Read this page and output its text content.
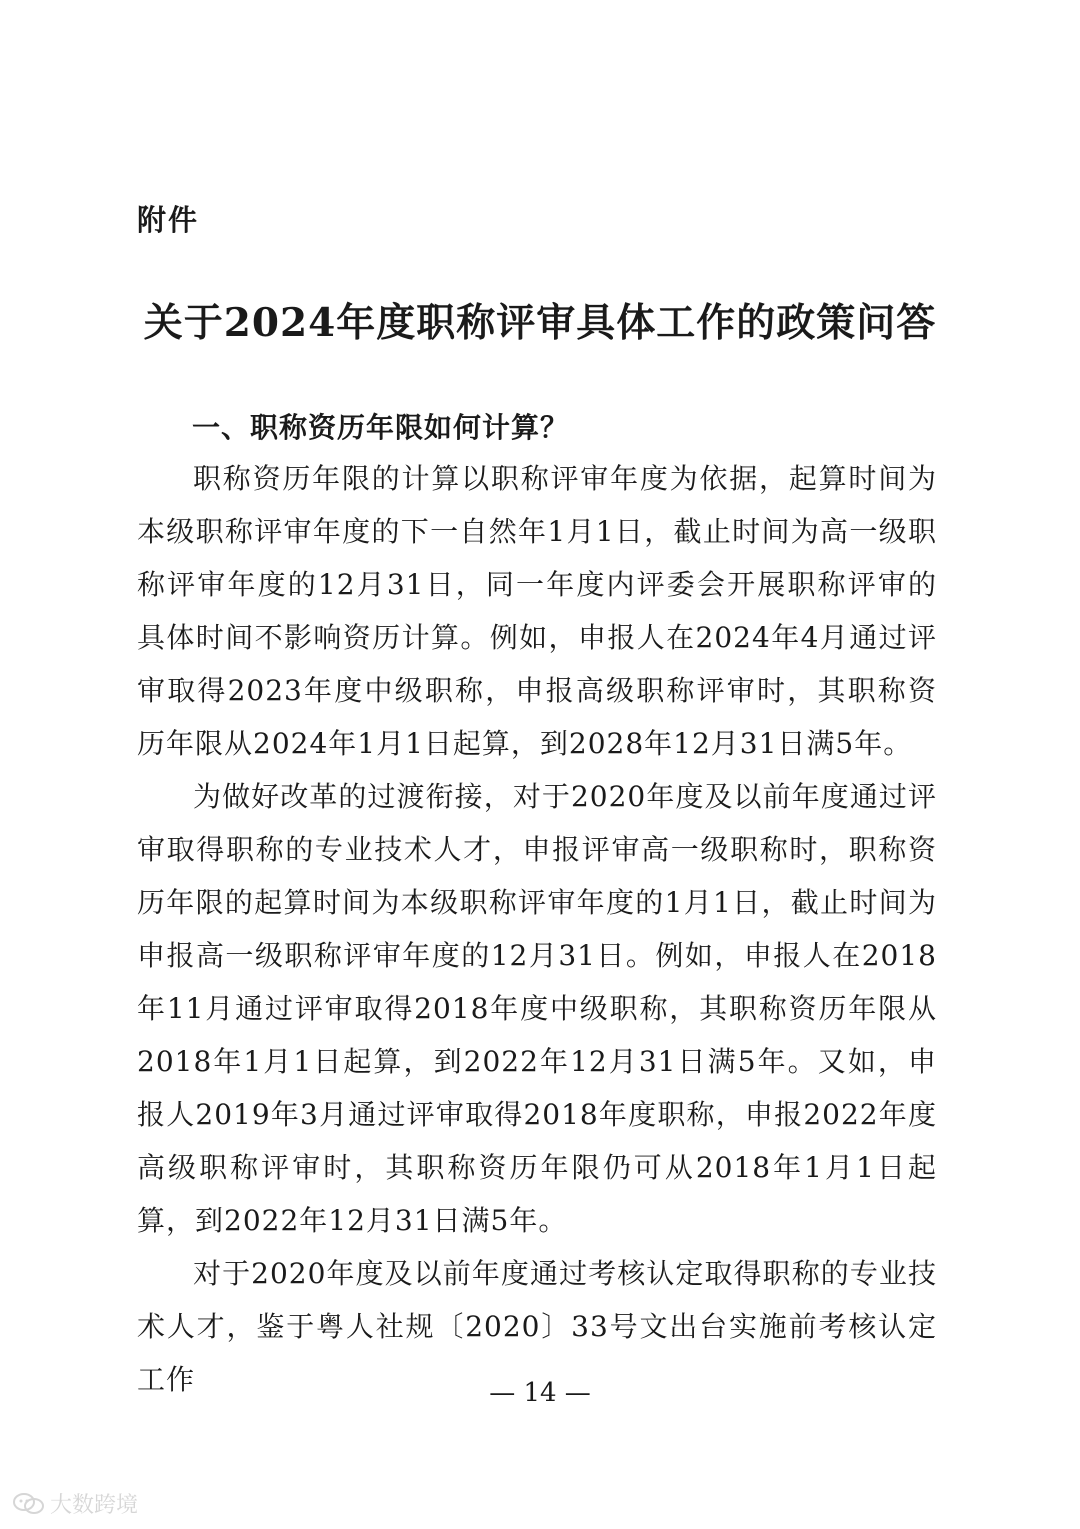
附件
关于2024年度职称评审具体工作的政策问答
一、职称资历年限如何计算？

职称资历年限的计算以职称评审年度为依据，起算时间为本级职称评审年度的下一自然年1月1日，截止时间为高一级职称评审年度的12月31日，同一年度内评委会开展职称评审的具体时间不影响资历计算。例如，申报人在2024年4月通过评审取得2023年度中级职称，申报高级职称评审时，其职称资历年限从2024年1月1日起算，到2028年12月31日满5年。

为做好改革的过渡衔接，对于2020年度及以前年度通过评审取得职称的专业技术人才，申报评审高一级职称时，职称资历年限的起算时间为本级职称评审年度的1月1日，截止时间为申报高一级职称评审年度的12月31日。例如，申报人在2018年11月通过评审取得2018年度中级职称，其职称资历年限从2018年1月1日起算，到2022年12月31日满5年。又如，申报人2019年3月通过评审取得2018年度职称，申报2022年度高级职称评审时，其职称资历年限仍可从2018年1月1日起算，到2022年12月31日满5年。

对于2020年度及以前年度通过考核认定取得职称的专业技术人才，鉴于粤人社规〔2020〕33号文出台实施前考核认定工作	— 14 —
大数跨境
